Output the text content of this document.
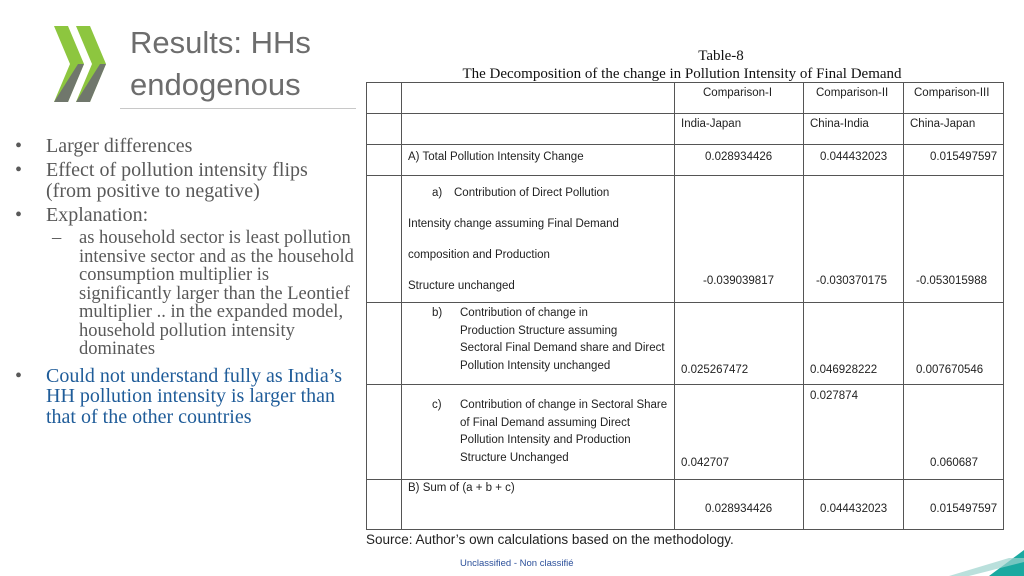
Results: HHs
endogenous
• Larger differences
• Effect of pollution intensity flips (from positive to negative)
• Explanation:
– as household sector is least pollution intensive sector and as the household consumption multiplier is significantly larger than the Leontief multiplier .. in the expanded model, household pollution intensity dominates
• Could not understand fully as India’s HH pollution intensity is larger than that of the other countries
Table-8
The Decomposition of the change in Pollution Intensity of Final Demand

		Comparison-I	Comparison-II	Comparison-III

		India-Japan	China-India	China-Japan

	A) Total Pollution Intensity Change	0.028934426	0.044432023	0.015497597

	a) Contribution of Direct Pollution
Intensity change assuming Final Demand
composition and Production
Structure unchanged	-0.039039817	-0.030370175	-0.053015988

	b) Contribution of change in
Production Structure assuming
Sectoral Final Demand share and Direct
Pollution Intensity unchanged	0.025267472	0.046928222	0.007670546

	c) Contribution of change in Sectoral Share
of Final Demand assuming Direct
Pollution Intensity and Production
Structure Unchanged	0.042707	0.027874	0.060687

	B) Sum of (a + b + c)	0.028934426	0.044432023	0.015497597
Source: Author’s own calculations based on the methodology.
Unclassified - Non classifié
